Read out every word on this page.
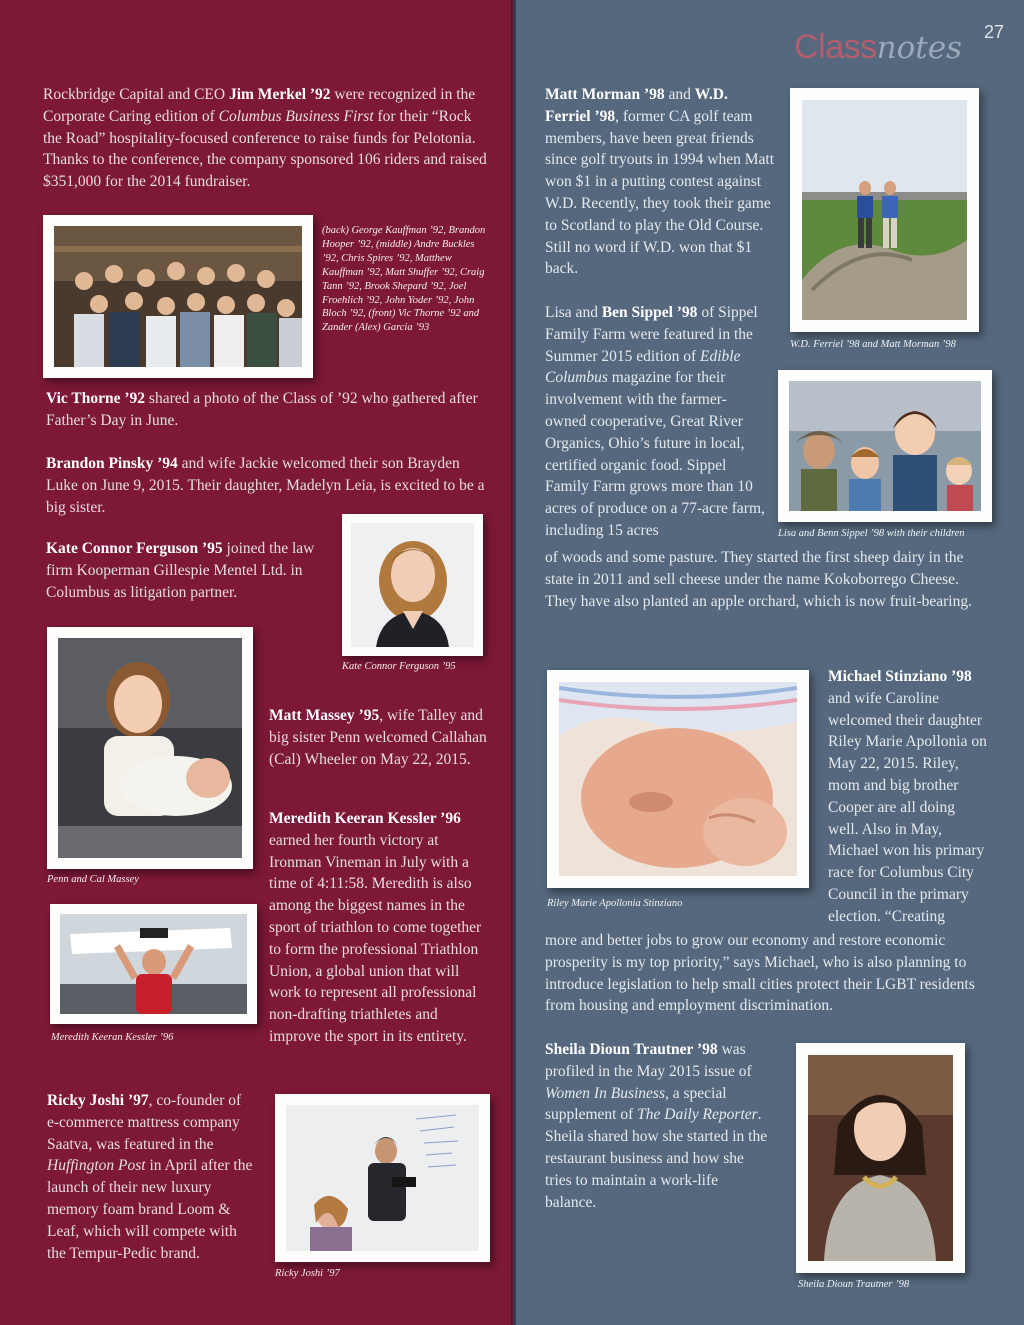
Classnotes 27

Rockbridge Capital and CEO Jim Merkel ’92 were recognized in the Corporate Caring edition of Columbus Business First for their “Rock the Road” hospitality-focused conference to raise funds for Pelotonia. Thanks to the conference, the company sponsored 106 riders and raised $351,000 for the 2014 fundraiser.

(back) George Kauffman ’92, Brandon Hooper ’92, (middle) Andre Buckles ’92, Chris Spires ’92, Matthew Kauffman ’92, Matt Shuffer ’92, Craig Tann ’92, Brook Shepard ’92, Joel Froehlich ’92, John Yoder ’92, John Bloch ’92, (front) Vic Thorne ’92 and Zander (Alex) Garcia ’93

Vic Thorne ’92 shared a photo of the Class of ’92 who gathered after Father’s Day in June.

Brandon Pinsky ’94 and wife Jackie welcomed their son Brayden Luke on June 9, 2015. Their daughter, Madelyn Leia, is excited to be a big sister.

Kate Connor Ferguson ’95 joined the law firm Kooperman Gillespie Mentel Ltd. in Columbus as litigation partner.

Kate Connor Ferguson ’95

Penn and Cal Massey

Matt Massey ’95, wife Talley and big sister Penn welcomed Callahan (Cal) Wheeler on May 22, 2015.

Meredith Keeran Kessler ’96 earned her fourth victory at Ironman Vineman in July with a time of 4:11:58. Meredith is also among the biggest names in the sport of triathlon to come together to form the professional Triathlon Union, a global union that will work to represent all professional non-drafting triathletes and improve the sport in its entirety.

Meredith Keeran Kessler ’96

Ricky Joshi ’97, co-founder of e-commerce mattress company Saatva, was featured in the Huffington Post in April after the launch of their new luxury memory foam brand Loom & Leaf, which will compete with the Tempur-Pedic brand.

Ricky Joshi ’97

Matt Morman ’98 and W.D. Ferriel ’98, former CA golf team members, have been great friends since golf tryouts in 1994 when Matt won $1 in a putting contest against W.D. Recently, they took their game to Scotland to play the Old Course. Still no word if W.D. won that $1 back.

W.D. Ferriel ’98 and Matt Morman ’98

Lisa and Ben Sippel ’98 of Sippel Family Farm were featured in the Summer 2015 edition of Edible Columbus magazine for their involvement with the farmer-owned cooperative, Great River Organics, Ohio’s future in local, certified organic food. Sippel Family Farm grows more than 10 acres of produce on a 77-acre farm, including 15 acres	Lisa and Benn Sippel ’98 with their children

of woods and some pasture. They started the first sheep dairy in the state in 2011 and sell cheese under the name Kokoborrego Cheese. They have also planted an apple orchard, which is now fruit-bearing.

Riley Marie Apollonia Stinziano

Michael Stinziano ’98 and wife Caroline welcomed their daughter Riley Marie Apollonia on May 22, 2015. Riley, mom and big brother Cooper are all doing well. Also in May, Michael won his primary race for Columbus City Council in the primary election. “Creating

more and better jobs to grow our economy and restore economic prosperity is my top priority,” says Michael, who is also planning to introduce legislation to help small cities protect their LGBT residents from housing and employment discrimination.

Sheila Dioun Trautner ’98 was profiled in the May 2015 issue of Women In Business, a special supplement of The Daily Reporter. Sheila shared how she started in the restaurant business and how she tries to maintain a work-life balance.

Sheila Dioun Trautner ’98
